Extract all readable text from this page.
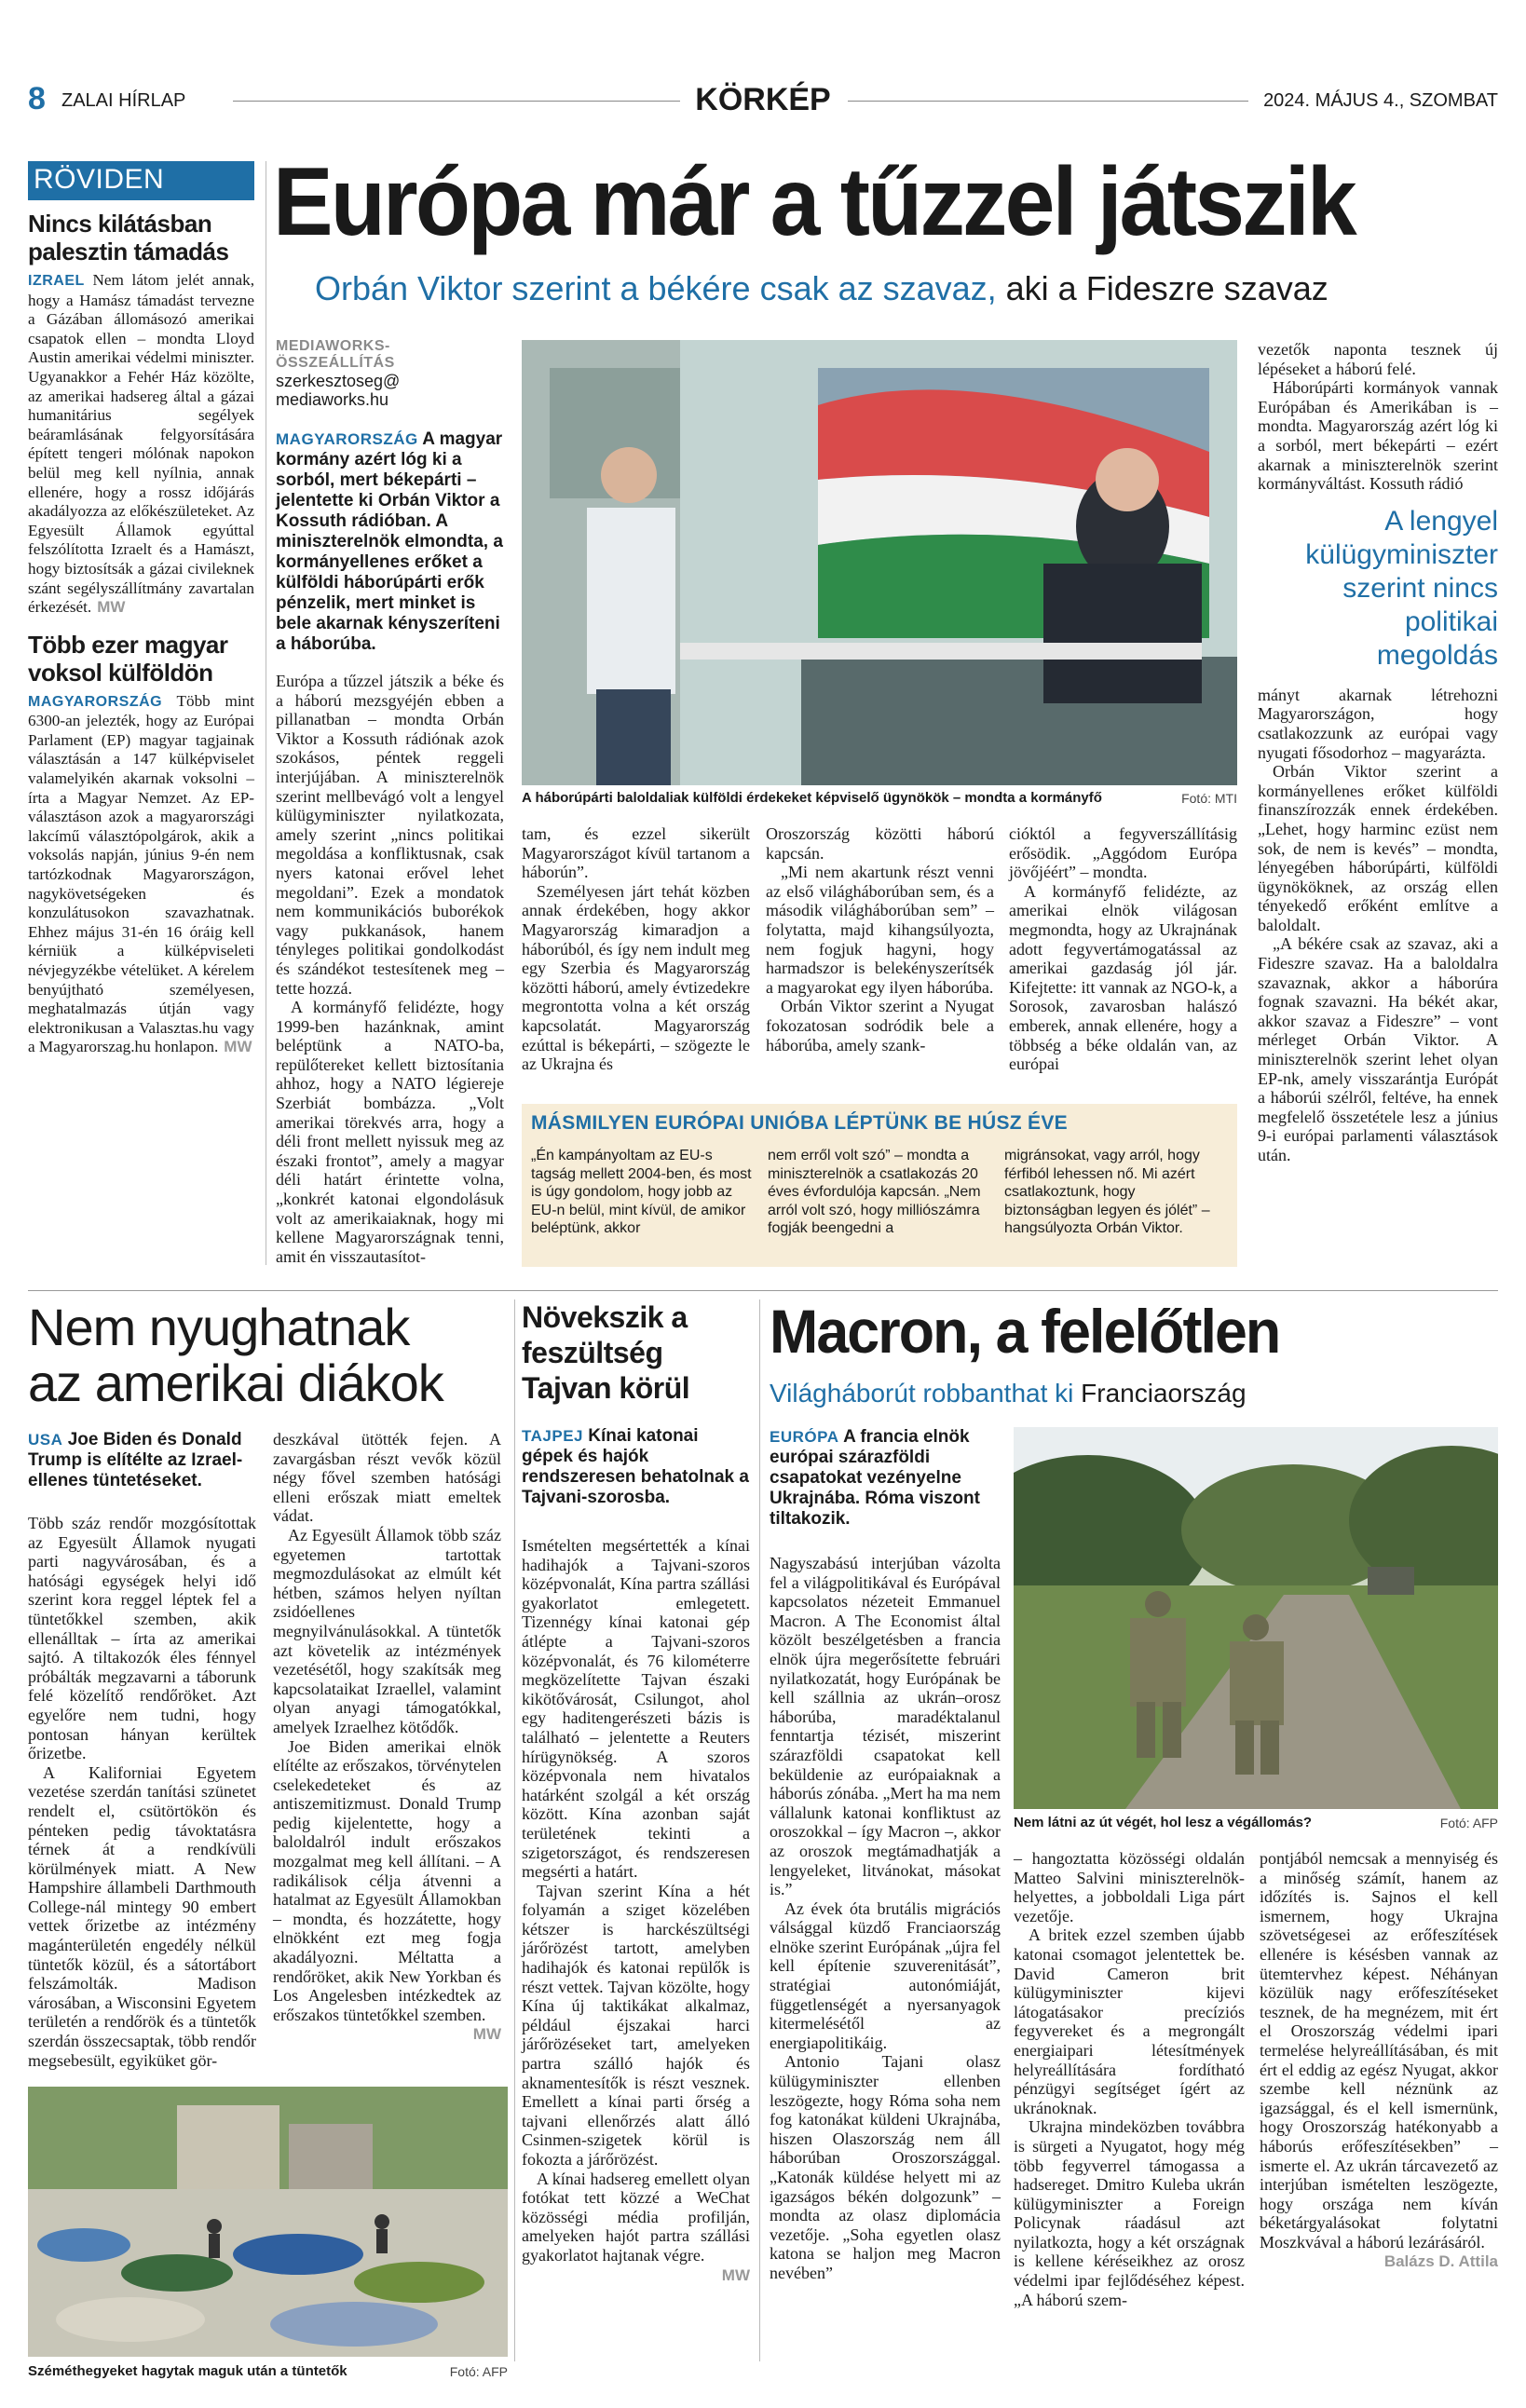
8 ZALAI HÍRLAP	KÖRKÉP	2024. MÁJUS 4., SZOMBAT
RÖVIDEN
Nincs kilátásban palesztin támadás
IZRAEL Nem látom jelét annak, hogy a Hamász támadást tervezne a Gázában állomásozó amerikai csapatok ellen – mondta Lloyd Austin amerikai védelmi miniszter. Ugyanakkor a Fehér Ház közölte, az amerikai hadsereg által a gázai humanitárius segélyek beáramlásának felgyorsítására épített tengeri mólónak napokon belül meg kell nyílnia, annak ellenére, hogy a rossz időjárás akadályozza az előkészületeket. Az Egyesült Államok egyúttal felszólította Izraelt és a Hamászt, hogy biztosítsák a gázai civileknek szánt segélyszállítmány zavartalan érkezését. MW
Több ezer magyar voksol külföldön
MAGYARORSZÁG Több mint 6300-an jelezték, hogy az Európai Parlament (EP) magyar tagjainak választásán a 147 külképviselet valamelyikén akarnak voksolni – írta a Magyar Nemzet. Az EP-választáson azok a magyarországi lakcímű választópolgárok, akik a voksolás napján, június 9-én nem tartózkodnak Magyarországon, nagykövetségeken és konzulátusokon szavazhatnak. Ehhez május 31-én 16 óráig kell kérniük a külképviseleti névjegyzékbe vételüket. A kérelem benyújtható személyesen, meghatalmazás útján vagy elektronikusan a Valasztas.hu vagy a Magyarorszag.hu honlapon. MW
Európa már a tűzzel játszik
Orbán Viktor szerint a békére csak az szavaz, aki a Fideszre szavaz
MEDIAWORKS-ÖSSZEÁLLÍTÁS
szerkesztoseg@
mediaworks.hu
MAGYARORSZÁG A magyar kormány azért lóg ki a sorból, mert békepárti – jelentette ki Orbán Viktor a Kossuth rádióban. A miniszterelnök elmondta, a kormányellenes erőket a külföldi háborúpárti erők pénzelik, mert minket is bele akarnak kényszeríteni a háborúba.

Európa a tűzzel játszik a béke és a háború mezsgyéjén ebben a pillanatban – mondta Orbán Viktor a Kossuth rádiónak azok szokásos, péntek reggeli interjújában. A miniszterelnök szerint mellbevágó volt a lengyel külügyminiszter nyilatkozata, amely szerint „nincs politikai megoldása a konfliktusnak, csak nyers katonai erővel lehet megoldani”. Ezek a mondatok nem kommunikációs buborékok vagy pukkanások, hanem tényleges politikai gondolkodást és szándékot testesítenek meg – tette hozzá.

A kormányfő felidézte, hogy 1999-ben hazánknak, amint beléptünk a NATO-ba, repülőtereket kellett biztosítania ahhoz, hogy a NATO légiereje Szerbiát bombázza. „Volt amerikai törekvés arra, hogy a déli front mellett nyissuk meg az északi frontot”, amely a magyar déli határt érintette volna, „konkrét katonai elgondolásuk volt az amerikaiaknak, hogy mi kellene Magyarországnak tenni, amit én visszautasítot-

A háborúpárti baloldaliak külföldi érdekeket képviselő ügynökök – mondta a kormányfő	Fotó: MTI

tam, és ezzel sikerült Magyarországot kívül tartanom a háborún”.

Személyesen járt tehát közben annak érdekében, hogy akkor Magyarország kimaradjon a háborúból, és így nem indult meg egy Szerbia és Magyarország közötti háború, amely évtizedekre megrontotta volna a két ország kapcsolatát. Magyarország ezúttal is békepárti, – szögezte le az Ukrajna és

Oroszország közötti háború kapcsán.

„Mi nem akartunk részt venni az első világháborúban sem, és a második világháborúban sem” – folytatta, majd kihangsúlyozta, nem fogjuk hagyni, hogy harmadszor is belekényszerítsék a magyarokat egy ilyen háborúba.

Orbán Viktor szerint a Nyugat fokozatosan sodródik bele a háborúba, amely szank-

cióktól a fegyverszállításig erősödik. „Aggódom Európa jövőjéért” – mondta.

A kormányfő felidézte, az amerikai elnök világosan megmondta, hogy az Ukrajnának adott fegyvertámogatással az amerikai gazdaság jól jár. Kifejtette: itt vannak az NGO-k, a Sorosok, zavarosban halászó emberek, annak ellenére, hogy a többség a béke oldalán van, az európai

MÁSMILYEN EURÓPAI UNIÓBA LÉPTÜNK BE HÚSZ ÉVE
„Én kampányoltam az EU-s tagság mellett 2004-ben, és most is úgy gondolom, hogy jobb az EU-n belül, mint kívül, de amikor beléptünk, akkor
nem erről volt szó” – mondta a miniszterelnök a csatlakozás 20 éves évfordulója kapcsán. „Nem arról volt szó, hogy milliószámra fogják beengedni a
migránsokat, vagy arról, hogy férfiból lehessen nő. Mi azért csatlakoztunk, hogy biztonságban legyen és jólét” – hangsúlyozta Orbán Viktor.

vezetők naponta tesznek új lépéseket a háború felé.

Háborúpárti kormányok vannak Európában és Amerikában is – mondta. Magyarország azért lóg ki a sorból, mert békepárti – ezért akarnak a miniszterelnök szerint kormányváltást. Kossuth rádió

A lengyel külügyminiszter szerint nincs politikai megoldás

mányt akarnak létrehozni Magyarországon, hogy csatlakozzunk az európai vagy nyugati fősodorhoz – magyarázta.

Orbán Viktor szerint a kormányellenes erőket külföldi finanszírozzák ennek érdekében. „Lehet, hogy harminc ezüst nem sok, de nem is kevés” – mondta, lényegében háborúpárti, külföldi ügynököknek, az ország ellen tényekedő erőként említve a baloldalt.

„A békére csak az szavaz, aki a Fideszre szavaz. Ha a baloldalra szavaznak, akkor a háborúra fognak szavazni. Ha békét akar, akkor szavaz a Fideszre” – vont mérleget Orbán Viktor. A miniszterelnök szerint lehet olyan EP-nk, amely visszarántja Európát a háborúi szélről, feltéve, ha ennek megfelelő összetétele lesz a június 9-i európai parlamenti választások után.

Nem nyughatnak
az amerikai diákok
USA Joe Biden és Donald Trump is elítélte az Izrael-ellenes tüntetéseket.

Több száz rendőr mozgósítottak az Egyesült Államok nyugati parti nagyvárosában, és a hatósági egységek helyi idő szerint kora reggel léptek fel a tüntetőkkel szemben, akik ellenálltak – írta az amerikai sajtó. A tiltakozók éles fénnyel próbálták megzavarni a táborunk felé közelítő rendőröket. Azt egyelőre nem tudni, hogy pontosan hányan kerültek őrizetbe.

A Kaliforniai Egyetem vezetése szerdán tanítási szünetet rendelt el, csütörtökön és pénteken pedig távoktatásra térnek át a rendkívüli körülmények miatt. A New Hampshire állambeli Darthmouth College-nál mintegy 90 embert vettek őrizetbe az intézmény magánterületén engedély nélkül tüntetők közül, és a sátortábort felszámolták. Madison városában, a Wisconsini Egyetem területén a rendőrök és a tüntetők szerdán összecsaptak, több rendőr megsebesült, egyiküket gör-

deszkával ütötték fejen. A zavargásban részt vevők közül négy fővel szemben hatósági elleni erőszak miatt emeltek vádat.

Az Egyesült Államok több száz egyetemen tartottak megmozdulásokat az elmúlt két hétben, számos helyen nyíltan zsidóellenes megnyilvánulásokkal. A tüntetők azt követelik az intézmények vezetésétől, hogy szakítsák meg kapcsolataikat Izraellel, valamint olyan anyagi támogatókkal, amelyek Izraelhez kötődők.

Joe Biden amerikai elnök elítélte az erőszakos, törvénytelen cselekedeteket és az antiszemitizmust. Donald Trump pedig kijelentette, hogy a baloldalról indult erőszakos mozgalmat meg kell állítani. – A radikálisok célja átvenni a hatalmat az Egyesült Államokban – mondta, és hozzátette, hogy elnökként ezt meg fogja akadályozni. Méltatta a rendőröket, akik New Yorkban és Los Angelesben intézkedtek az erőszakos tüntetőkkel szemben.

MW
Széméthegyeket hagytak maguk után a tüntetők	Fotó: AFP
Növekszik a feszültség Tajvan körül
TAJPEJ Kínai katonai gépek és hajók rendszeresen behatolnak a Tajvani-szorosba.

Ismételten megsértették a kínai hadihajók a Tajvani-szoros középvonalát, Kína partra szállási gyakorlatot emlegetett. Tizennégy kínai katonai gép átlépte a Tajvani-szoros középvonalát, és 76 kilométerre megközelítette Tajvan északi kikötővárosát, Csilungot, ahol egy haditengerészeti bázis is található – jelentette a Reuters hírügynökség. A szoros középvonala nem hivatalos határként szolgál a két ország között. Kína azonban saját területének tekinti a szigetországot, és rendszeresen megsérti a határt.

Tajvan szerint Kína a hét folyamán a sziget közelében kétszer is harckészültségi járőrözést tartott, amelyben hadihajók és katonai repülők is részt vettek. Tajvan közölte, hogy Kína új taktikákat alkalmaz, például éjszakai harci járőrözéseket tart, amelyeken partra szálló hajók és aknamentesítők is részt vesznek. Emellett a kínai parti őrség a tajvani ellenőrzés alatt álló Csinmen-szigetek körül is fokozta a járőrözést.

A kínai hadsereg emellett olyan fotókat tett közzé a WeChat közösségi média profilján, amelyeken hajót partra szállási gyakorlatot hajtanak végre.

MW
Macron, a felelőtlen
Világháborút robbanthat ki Franciaország
EURÓPA A francia elnök európai szárazföldi csapatokat vezényelne Ukrajnába. Róma viszont tiltakozik.

Nagyszabású interjúban vázolta fel a világpolitikával és Európával kapcsolatos nézeteit Emmanuel Macron. A The Economist által közölt beszélgetésben a francia elnök újra megerősítette februári nyilatkozatát, hogy Európának be kell szállnia az ukrán–orosz háborúba, maradéktalanul fenntartja tézisét, miszerint szárazföldi csapatokat kell beküldenie az európaiaknak a háborús zónába. „Mert ha ma nem vállalunk katonai konfliktust az oroszokkal – így Macron –, akkor az oroszok megtámadhatják a lengyeleket, litvánokat, másokat is.”

Az évek óta brutális migrációs válsággal küzdő Franciaország elnöke szerint Európának „újra fel kell építenie szuverenitását”, stratégiai autonómiáját, függetlenségét a nyersanyagok kitermelésétől az energiapolitikáig.

Antonio Tajani olasz külügyminiszter ellenben leszögezte, hogy Róma soha nem fog katonákat küldeni Ukrajnába, hiszen Olaszország nem áll háborúban Oroszországgal. „Katonák küldése helyett mi az igazságos békén dolgozunk” – mondta az olasz diplomácia vezetője. „Soha egyetlen olasz katona se haljon meg Macron nevében”

Nem látni az út végét, hol lesz a végállomás?	Fotó: AFP

– hangoztatta közösségi oldalán Matteo Salvini miniszterelnök-helyettes, a jobboldali Liga párt vezetője.

A britek ezzel szemben újabb katonai csomagot jelentettek be. David Cameron brit külügyminiszter kijevi látogatásakor precíziós fegyvereket és a megrongált energiaipari létesítmények helyreállítására fordítható pénzügyi segítséget ígért az ukránoknak.

Ukrajna mindeközben továbbra is sürgeti a Nyugatot, hogy még több fegyverrel támogassa a hadsereget. Dmitro Kuleba ukrán külügyminiszter a Foreign Policynak ráadásul azt nyilatkozta, hogy a két országnak is kellene kéréseikhez az orosz védelmi ipar fejlődéséhez képest. „A háború szem-

pontjából nemcsak a mennyiség és a minőség számít, hanem az időzítés is. Sajnos el kell ismernem, hogy Ukrajna szövetségesei az erőfeszítések ellenére is késésben vannak az ütemtervhez képest. Néhányan közülük nagy erőfeszítéseket tesznek, de ha megnézem, mit ért el Oroszország védelmi ipari termelése helyreállításában, és mit ért el eddig az egész Nyugat, akkor szembe kell néznünk az igazsággal, és el kell ismernünk, hogy Oroszország hatékonyabb a háborús erőfeszítésekben” – ismerte el. Az ukrán tárcavezető az interjúban ismételten leszögezte, hogy országa nem kíván béketárgyalásokat folytatni Moszkvával a háború lezárásáról.

Balázs D. Attila
